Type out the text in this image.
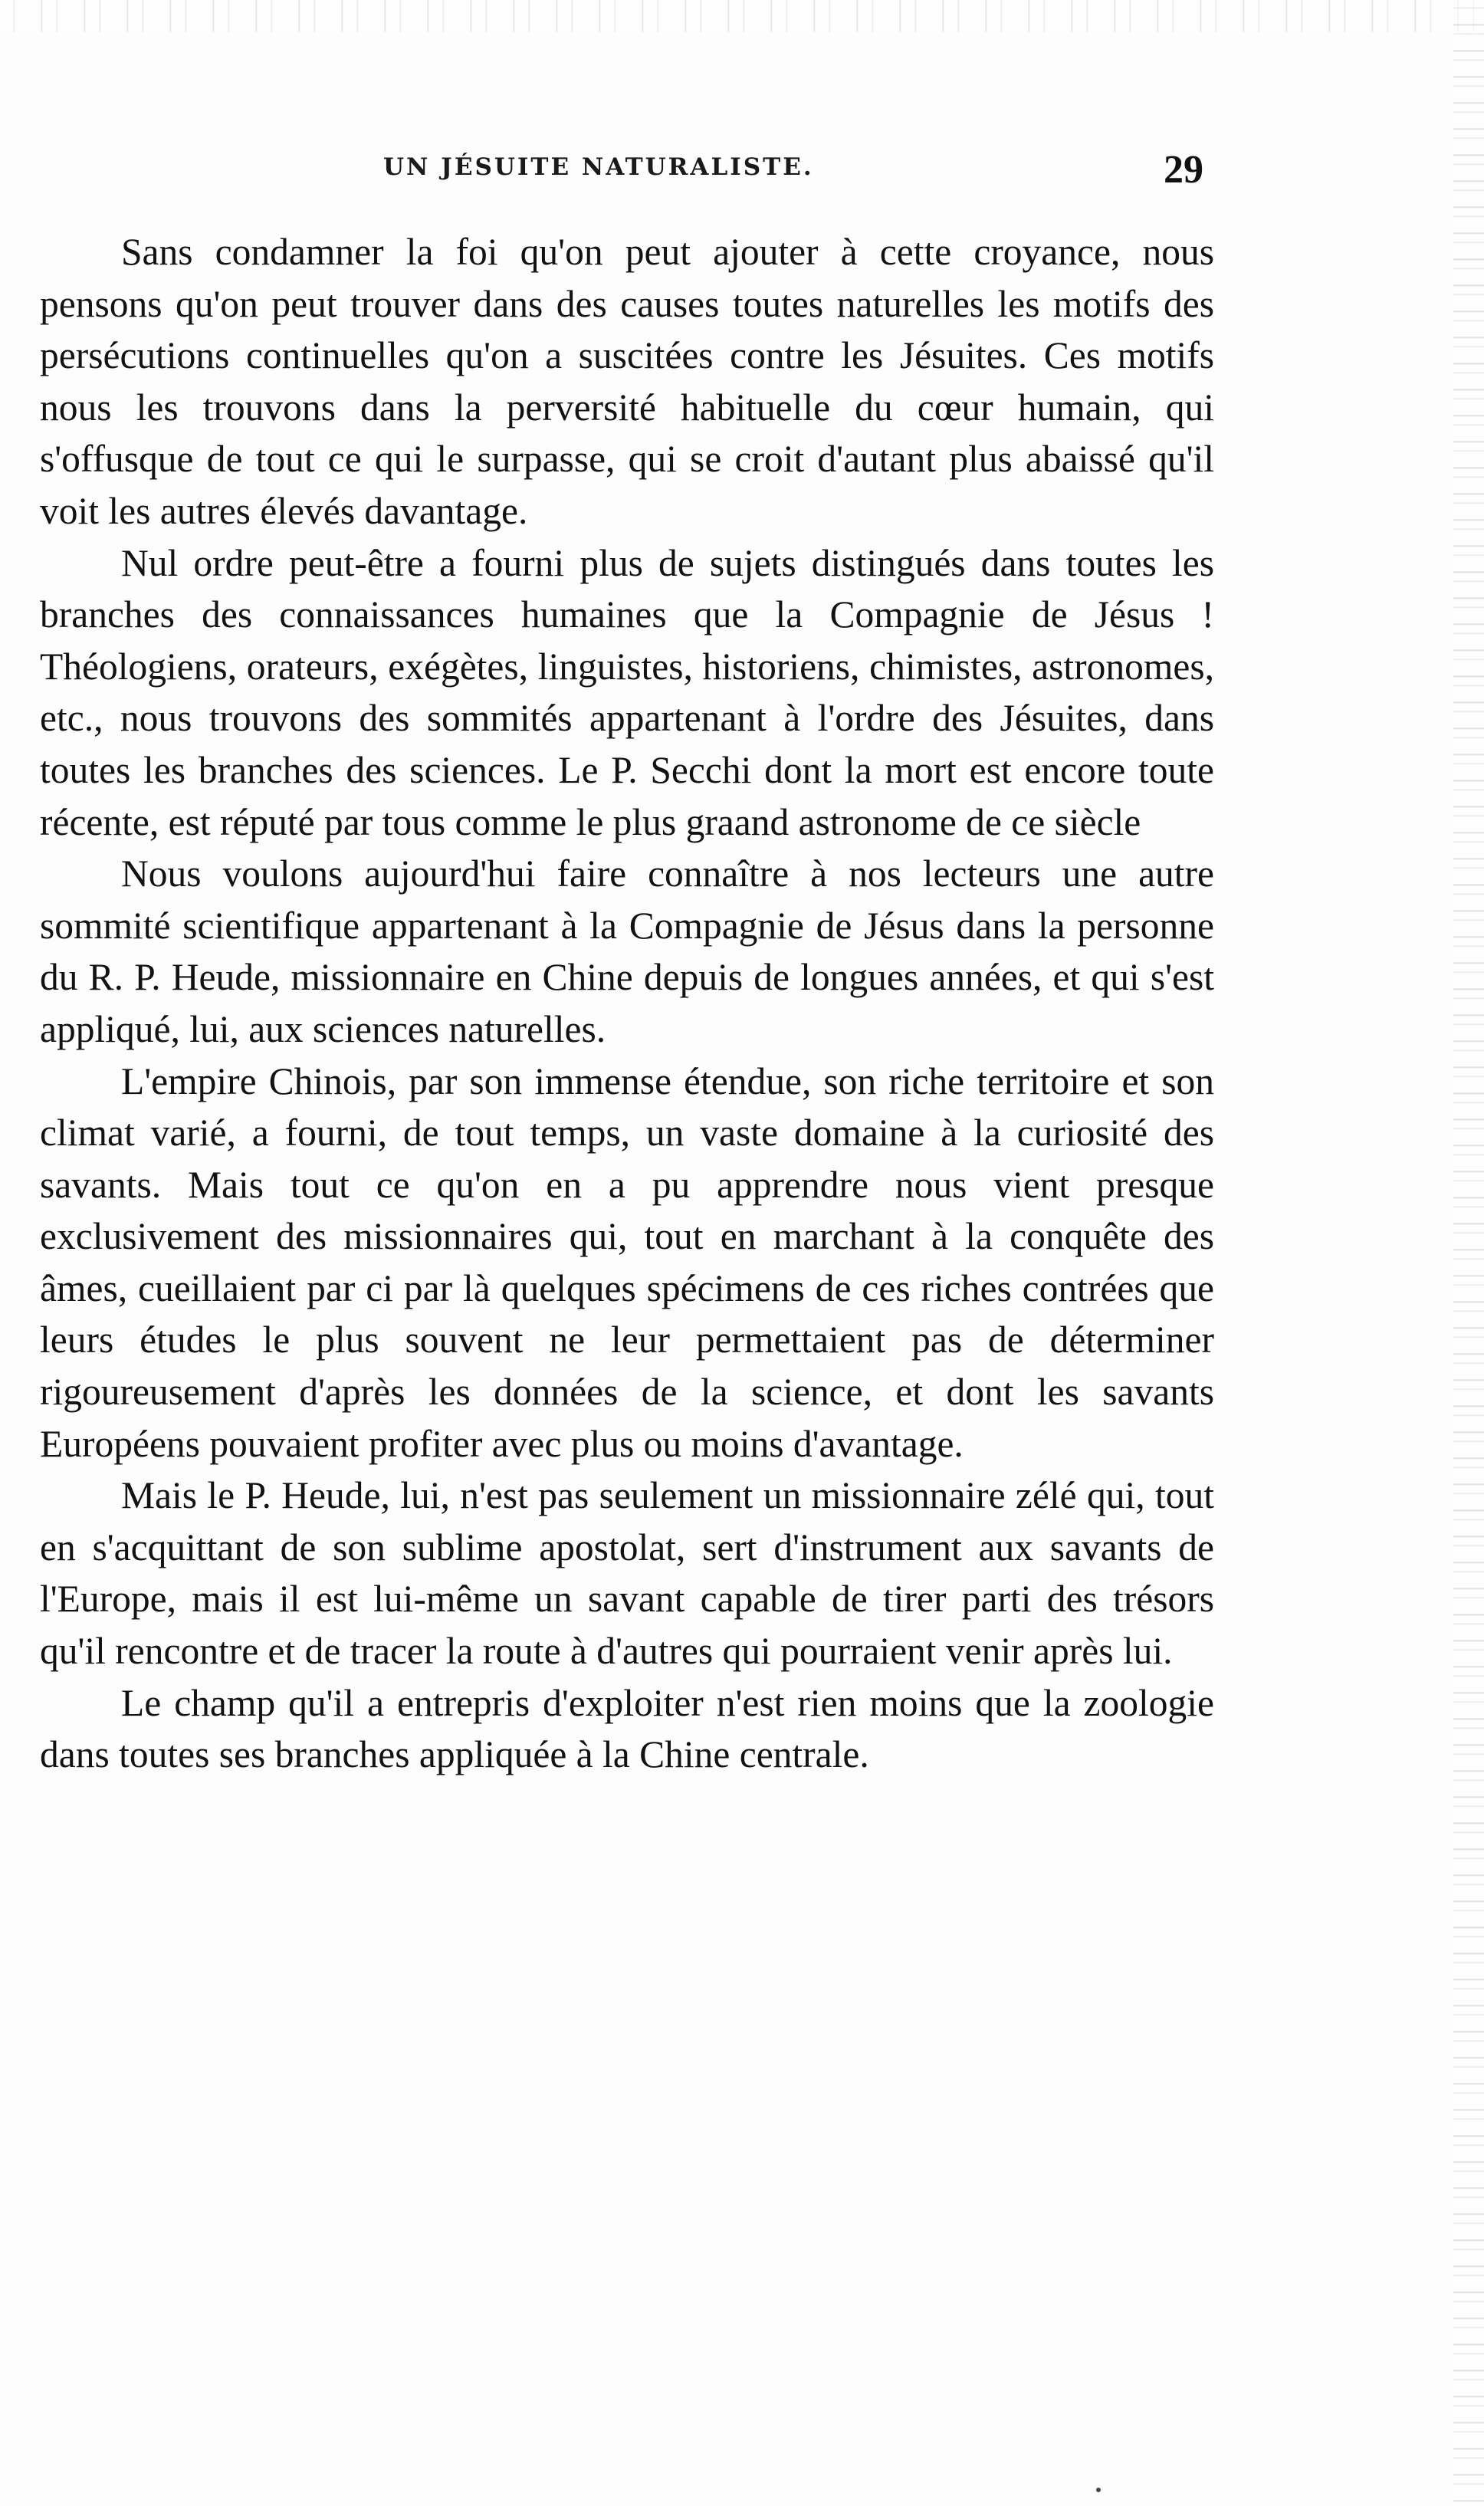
UN JÉSUITE NATURALISTE.	29

Sans condamner la foi qu'on peut ajouter à cette croyance, nous pensons qu'on peut trouver dans des causes toutes naturelles les motifs des persécutions continuelles qu'on a suscitées contre les Jésuites. Ces motifs nous les trouvons dans la perversité habituelle du cœur humain, qui s'offusque de tout ce qui le surpasse, qui se croit d'autant plus abaissé qu'il voit les autres élevés davantage.

Nul ordre peut-être a fourni plus de sujets distingués dans toutes les branches des connaissances humaines que la Compagnie de Jésus ! Théologiens, orateurs, exégètes, linguistes, historiens, chimistes, astronomes, etc., nous trouvons des sommités appartenant à l'ordre des Jésuites, dans toutes les branches des sciences. Le P. Secchi dont la mort est encore toute récente, est réputé par tous comme le plus graand astronome de ce siècle

Nous voulons aujourd'hui faire connaître à nos lecteurs une autre sommité scientifique appartenant à la Compagnie de Jésus dans la personne du R. P. Heude, missionnaire en Chine depuis de longues années, et qui s'est appliqué, lui, aux sciences naturelles.

L'empire Chinois, par son immense étendue, son riche territoire et son climat varié, a fourni, de tout temps, un vaste domaine à la curiosité des savants. Mais tout ce qu'on en a pu apprendre nous vient presque exclusivement des missionnaires qui, tout en marchant à la conquête des âmes, cueillaient par ci par là quelques spécimens de ces riches contrées que leurs études le plus souvent ne leur permettaient pas de déterminer rigoureusement d'après les données de la science, et dont les savants Européens pouvaient profiter avec plus ou moins d'avantage.

Mais le P. Heude, lui, n'est pas seulement un missionnaire zélé qui, tout en s'acquittant de son sublime apostolat, sert d'instrument aux savants de l'Europe, mais il est lui-même un savant capable de tirer parti des trésors qu'il rencontre et de tracer la route à d'autres qui pourraient venir après lui.

Le champ qu'il a entrepris d'exploiter n'est rien moins que la zoologie dans toutes ses branches appliquée à la Chine centrale.
